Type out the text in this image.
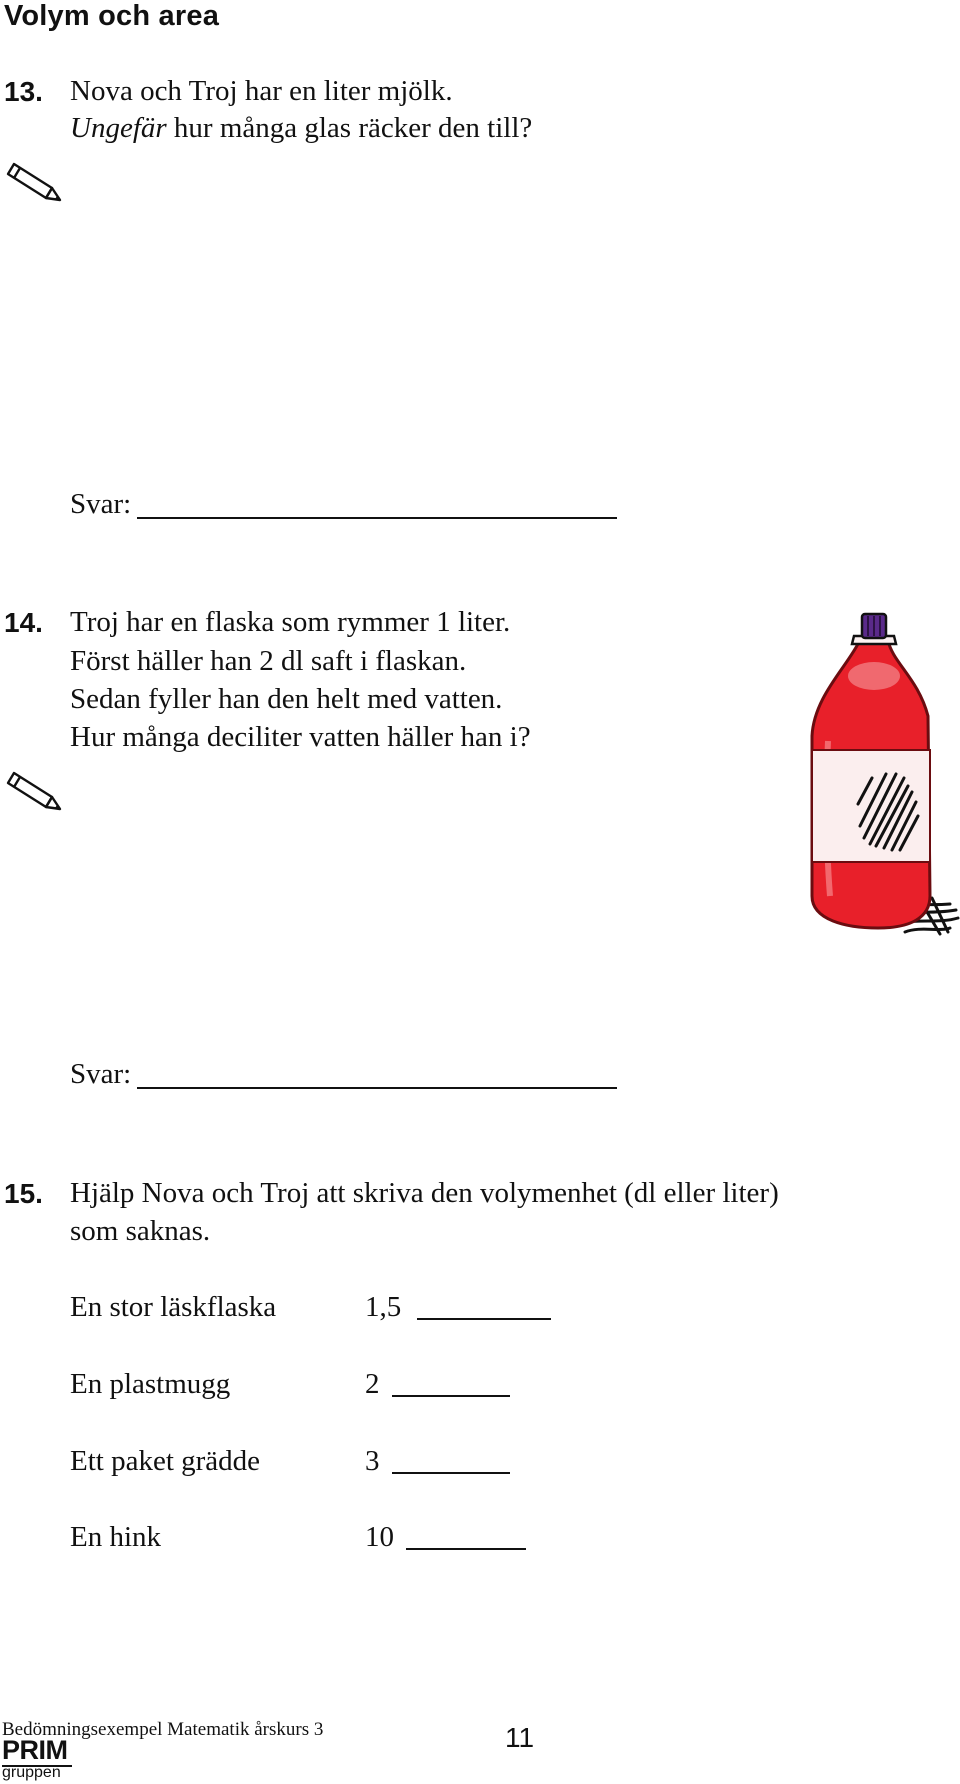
Volym och area
13. Nova och Troj har en liter mjölk.
Ungefär hur många glas räcker den till?
Svar:
14. Troj har en flaska som rymmer 1 liter.
Först häller han 2 dl saft i flaskan.
Sedan fyller han den helt med vatten.
Hur många deciliter vatten häller han i?
Svar:
15. Hjälp Nova och Troj att skriva den volymenhet (dl eller liter)
som saknas.
En stor läskflaska	1,5
En plastmugg	2
Ett paket grädde	3
En hink	10
Bedömningsexempel Matematik årskurs 3	11
PRIM
gruppen
